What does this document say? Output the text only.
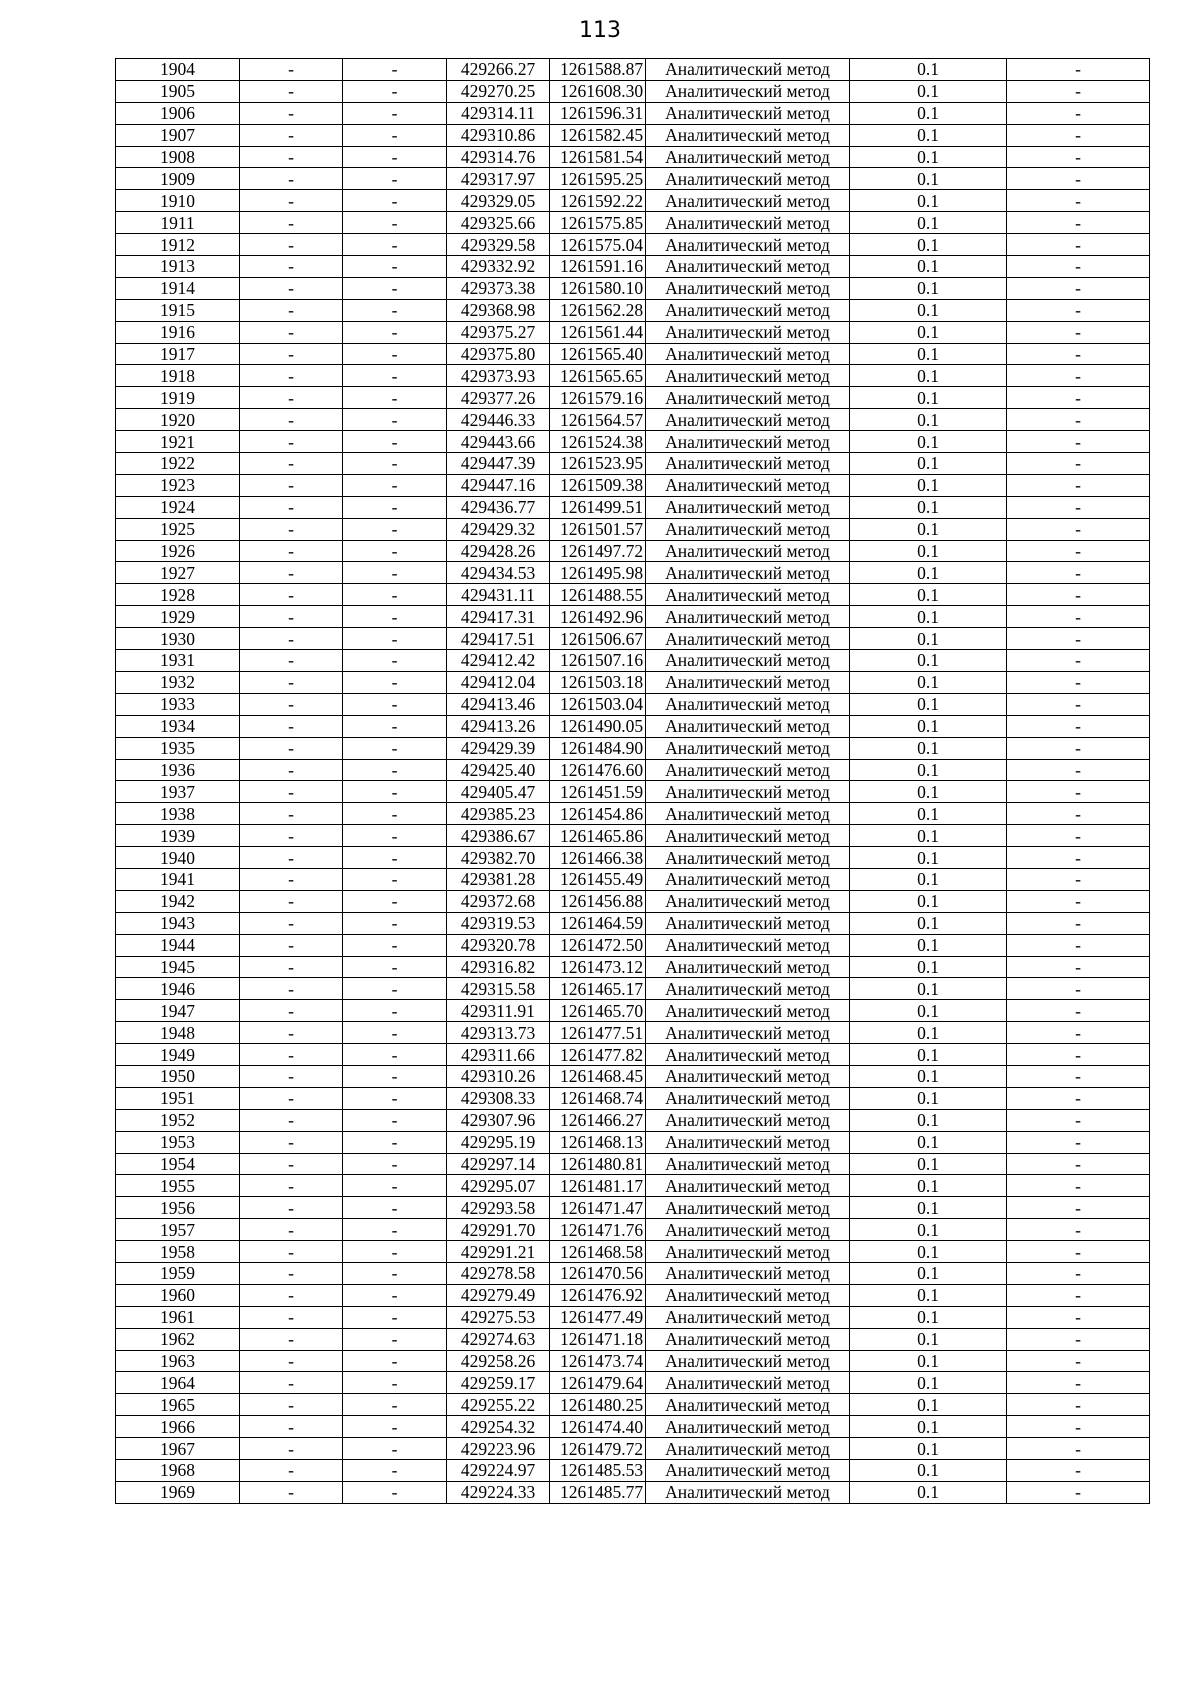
113
1904	-	-	429266.27	1261588.87	Аналитический метод	0.1	-
1905	-	-	429270.25	1261608.30	Аналитический метод	0.1	-
1906	-	-	429314.11	1261596.31	Аналитический метод	0.1	-
1907	-	-	429310.86	1261582.45	Аналитический метод	0.1	-
1908	-	-	429314.76	1261581.54	Аналитический метод	0.1	-
1909	-	-	429317.97	1261595.25	Аналитический метод	0.1	-
1910	-	-	429329.05	1261592.22	Аналитический метод	0.1	-
1911	-	-	429325.66	1261575.85	Аналитический метод	0.1	-
1912	-	-	429329.58	1261575.04	Аналитический метод	0.1	-
1913	-	-	429332.92	1261591.16	Аналитический метод	0.1	-
1914	-	-	429373.38	1261580.10	Аналитический метод	0.1	-
1915	-	-	429368.98	1261562.28	Аналитический метод	0.1	-
1916	-	-	429375.27	1261561.44	Аналитический метод	0.1	-
1917	-	-	429375.80	1261565.40	Аналитический метод	0.1	-
1918	-	-	429373.93	1261565.65	Аналитический метод	0.1	-
1919	-	-	429377.26	1261579.16	Аналитический метод	0.1	-
1920	-	-	429446.33	1261564.57	Аналитический метод	0.1	-
1921	-	-	429443.66	1261524.38	Аналитический метод	0.1	-
1922	-	-	429447.39	1261523.95	Аналитический метод	0.1	-
1923	-	-	429447.16	1261509.38	Аналитический метод	0.1	-
1924	-	-	429436.77	1261499.51	Аналитический метод	0.1	-
1925	-	-	429429.32	1261501.57	Аналитический метод	0.1	-
1926	-	-	429428.26	1261497.72	Аналитический метод	0.1	-
1927	-	-	429434.53	1261495.98	Аналитический метод	0.1	-
1928	-	-	429431.11	1261488.55	Аналитический метод	0.1	-
1929	-	-	429417.31	1261492.96	Аналитический метод	0.1	-
1930	-	-	429417.51	1261506.67	Аналитический метод	0.1	-
1931	-	-	429412.42	1261507.16	Аналитический метод	0.1	-
1932	-	-	429412.04	1261503.18	Аналитический метод	0.1	-
1933	-	-	429413.46	1261503.04	Аналитический метод	0.1	-
1934	-	-	429413.26	1261490.05	Аналитический метод	0.1	-
1935	-	-	429429.39	1261484.90	Аналитический метод	0.1	-
1936	-	-	429425.40	1261476.60	Аналитический метод	0.1	-
1937	-	-	429405.47	1261451.59	Аналитический метод	0.1	-
1938	-	-	429385.23	1261454.86	Аналитический метод	0.1	-
1939	-	-	429386.67	1261465.86	Аналитический метод	0.1	-
1940	-	-	429382.70	1261466.38	Аналитический метод	0.1	-
1941	-	-	429381.28	1261455.49	Аналитический метод	0.1	-
1942	-	-	429372.68	1261456.88	Аналитический метод	0.1	-
1943	-	-	429319.53	1261464.59	Аналитический метод	0.1	-
1944	-	-	429320.78	1261472.50	Аналитический метод	0.1	-
1945	-	-	429316.82	1261473.12	Аналитический метод	0.1	-
1946	-	-	429315.58	1261465.17	Аналитический метод	0.1	-
1947	-	-	429311.91	1261465.70	Аналитический метод	0.1	-
1948	-	-	429313.73	1261477.51	Аналитический метод	0.1	-
1949	-	-	429311.66	1261477.82	Аналитический метод	0.1	-
1950	-	-	429310.26	1261468.45	Аналитический метод	0.1	-
1951	-	-	429308.33	1261468.74	Аналитический метод	0.1	-
1952	-	-	429307.96	1261466.27	Аналитический метод	0.1	-
1953	-	-	429295.19	1261468.13	Аналитический метод	0.1	-
1954	-	-	429297.14	1261480.81	Аналитический метод	0.1	-
1955	-	-	429295.07	1261481.17	Аналитический метод	0.1	-
1956	-	-	429293.58	1261471.47	Аналитический метод	0.1	-
1957	-	-	429291.70	1261471.76	Аналитический метод	0.1	-
1958	-	-	429291.21	1261468.58	Аналитический метод	0.1	-
1959	-	-	429278.58	1261470.56	Аналитический метод	0.1	-
1960	-	-	429279.49	1261476.92	Аналитический метод	0.1	-
1961	-	-	429275.53	1261477.49	Аналитический метод	0.1	-
1962	-	-	429274.63	1261471.18	Аналитический метод	0.1	-
1963	-	-	429258.26	1261473.74	Аналитический метод	0.1	-
1964	-	-	429259.17	1261479.64	Аналитический метод	0.1	-
1965	-	-	429255.22	1261480.25	Аналитический метод	0.1	-
1966	-	-	429254.32	1261474.40	Аналитический метод	0.1	-
1967	-	-	429223.96	1261479.72	Аналитический метод	0.1	-
1968	-	-	429224.97	1261485.53	Аналитический метод	0.1	-
1969	-	-	429224.33	1261485.77	Аналитический метод	0.1	-
